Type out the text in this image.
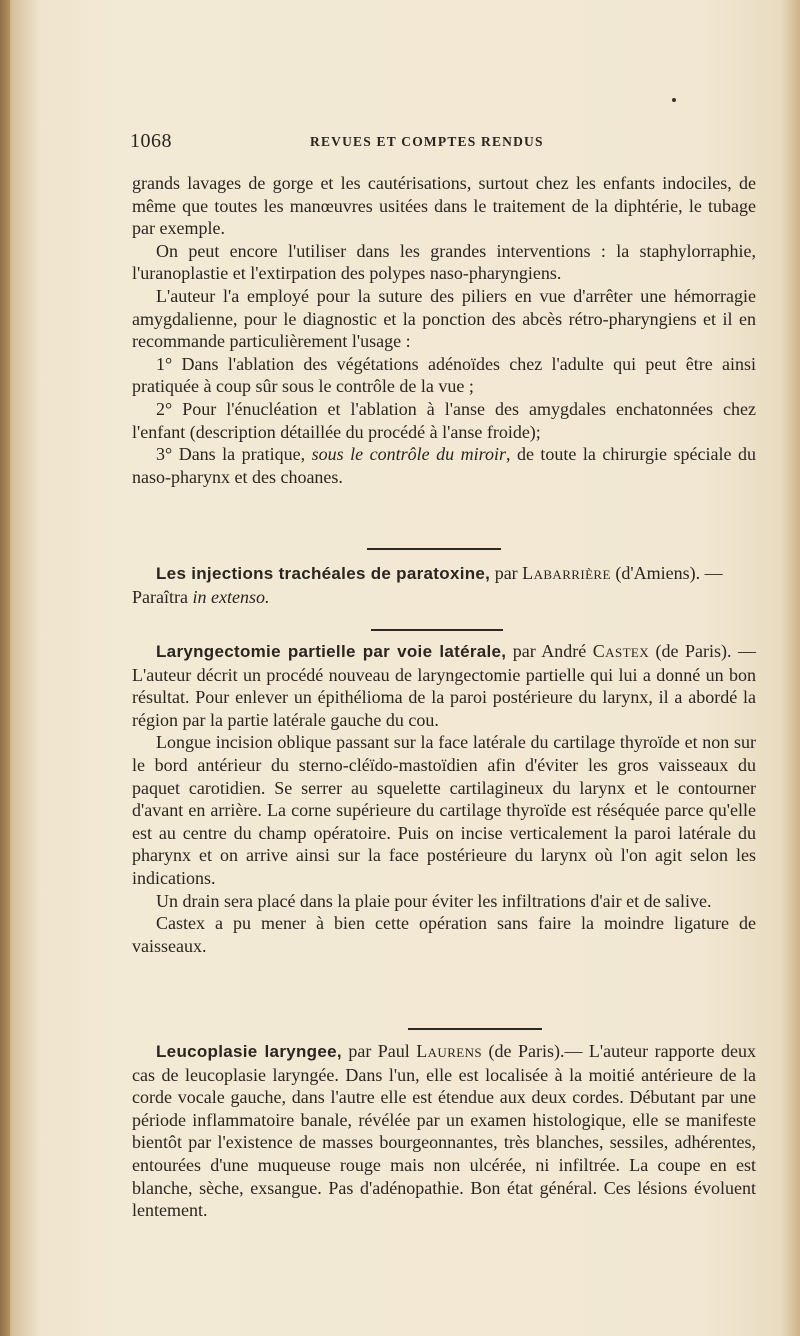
1068	REVUES ET COMPTES RENDUS

grands lavages de gorge et les cautérisations, surtout chez les enfants indociles, de même que toutes les manœuvres usitées dans le traitement de la diphtérie, le tubage par exemple.

On peut encore l'utiliser dans les grandes interventions : la staphylorraphie, l'uranoplastie et l'extirpation des polypes naso-pharyngiens.

L'auteur l'a employé pour la suture des piliers en vue d'arrêter une hémorragie amygdalienne, pour le diagnostic et la ponction des abcès rétro-pharyngiens et il en recommande particulièrement l'usage :

1° Dans l'ablation des végétations adénoïdes chez l'adulte qui peut être ainsi pratiquée à coup sûr sous le contrôle de la vue ;

2° Pour l'énucléation et l'ablation à l'anse des amygdales enchatonnées chez l'enfant (description détaillée du procédé à l'anse froide);

3° Dans la pratique, sous le contrôle du miroir, de toute la chirurgie spéciale du naso-pharynx et des choanes.

Les injections trachéales de paratoxine, par Labarrière (d'Amiens). — Paraîtra in extenso.

Laryngectomie partielle par voie latérale, par André Castex (de Paris). — L'auteur décrit un procédé nouveau de laryngectomie partielle qui lui a donné un bon résultat. Pour enlever un épithélioma de la paroi postérieure du larynx, il a abordé la région par la partie latérale gauche du cou.

Longue incision oblique passant sur la face latérale du cartilage thyroïde et non sur le bord antérieur du sterno-cléïdo-mastoïdien afin d'éviter les gros vaisseaux du paquet carotidien. Se serrer au squelette cartilagineux du larynx et le contourner d'avant en arrière. La corne supérieure du cartilage thyroïde est réséquée parce qu'elle est au centre du champ opératoire. Puis on incise verticalement la paroi latérale du pharynx et on arrive ainsi sur la face postérieure du larynx où l'on agit selon les indications.

Un drain sera placé dans la plaie pour éviter les infiltrations d'air et de salive.

Castex a pu mener à bien cette opération sans faire la moindre ligature de vaisseaux.

Leucoplasie laryngee, par Paul Laurens (de Paris).— L'auteur rapporte deux cas de leucoplasie laryngée. Dans l'un, elle est localisée à la moitié antérieure de la corde vocale gauche, dans l'autre elle est étendue aux deux cordes. Débutant par une période inflammatoire banale, révélée par un examen histologique, elle se manifeste bientôt par l'existence de masses bourgeonnantes, très blanches, sessiles, adhérentes, entourées d'une muqueuse rouge mais non ulcérée, ni infiltrée. La coupe en est blanche, sèche, exsangue. Pas d'adénopathie. Bon état général. Ces lésions évoluent lentement.
